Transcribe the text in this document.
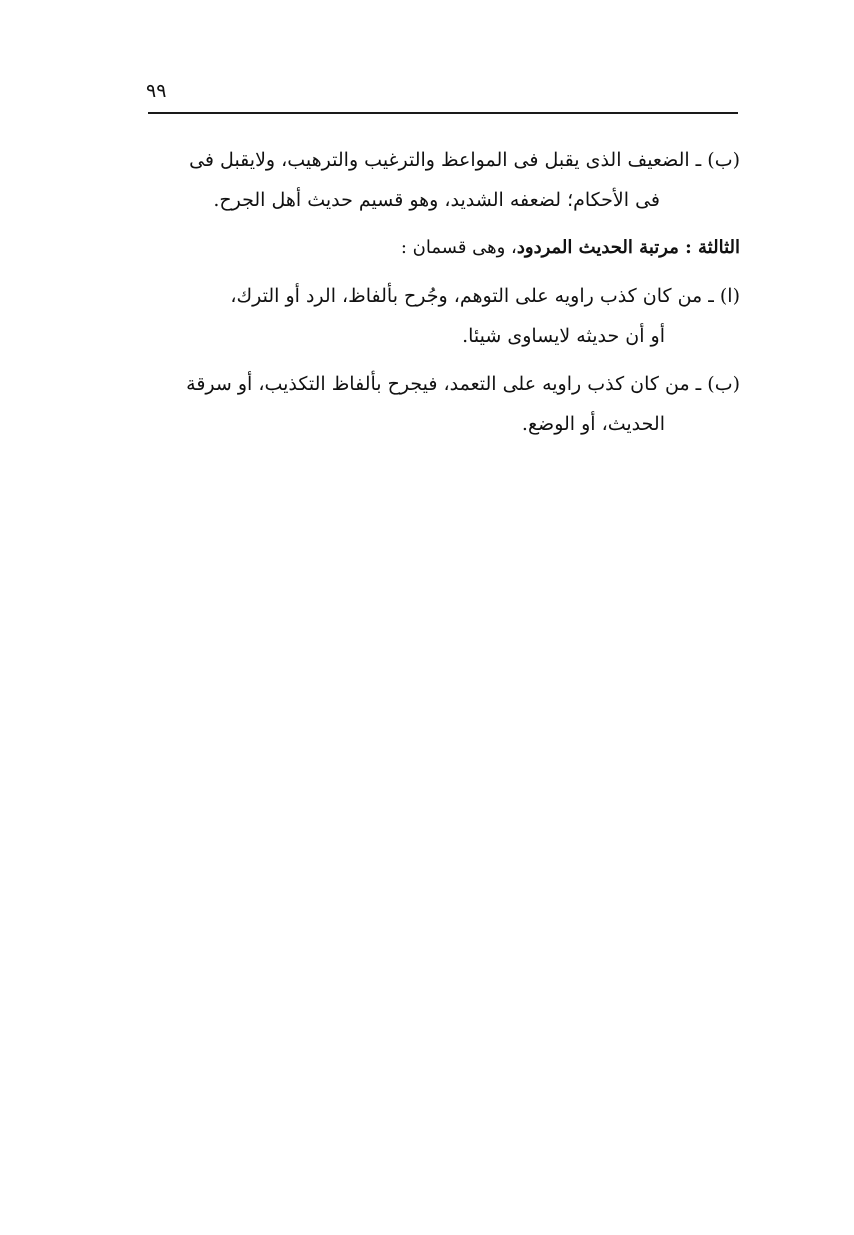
٩٩
(ب) ـ الضعيف الذى يقبل فى المواعظ والترغيب والترهيب، ولايقبل فى
فى الأحكام؛ لضعفه الشديد، وهو قسيم حديث أهل الجرح.
الثالثة : مرتبة الحديث المردود، وهى قسمان :
(ا) ـ من كان كذب راويه على التوهم، وجُرح بألفاظ، الرد أو الترك،
أو أن حديثه لايساوى شيئا.
(ب) ـ من كان كذب راويه على التعمد، فيجرح بألفاظ التكذيب، أو سرقة
الحديث، أو الوضع.
